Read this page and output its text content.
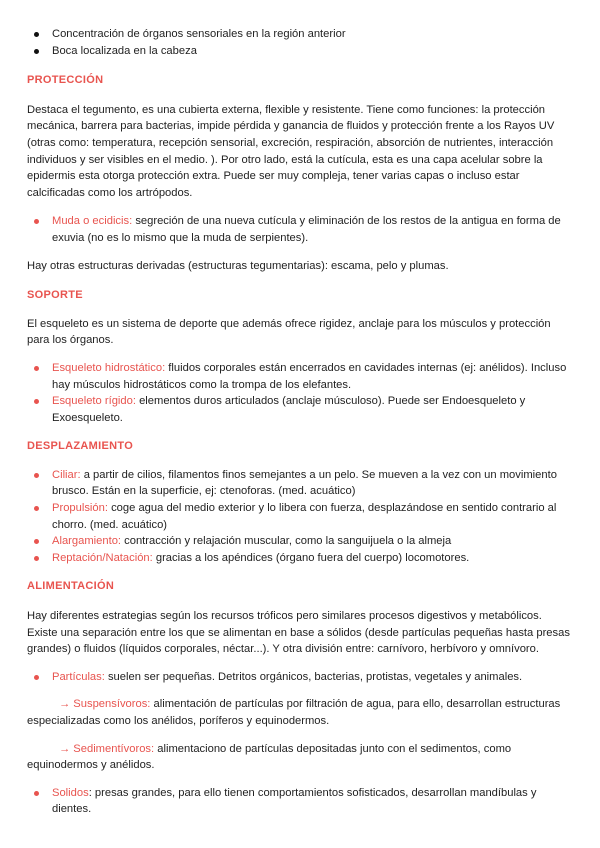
Concentración de órganos sensoriales en la región anterior
Boca localizada en la cabeza
PROTECCIÓN

Destaca el tegumento, es una cubierta externa, flexible y resistente. Tiene como funciones: la protección mecánica, barrera para bacterias, impide pérdida y ganancia de fluidos y protección frente a los Rayos UV (otras como: temperatura, recepción sensorial, excreción, respiración, absorción de nutrientes, interacción individuos y ser visibles en el medio. ). Por otro lado, está la cutícula, esta es una capa acelular sobre la epidermis esta otorga protección extra. Puede ser muy compleja, tener varias capas o incluso estar calcificadas como los artrópodos.

Muda o ecidicis: segreción de una nueva cutícula y eliminación de los restos de la antigua en forma de exuvia (no es lo mismo que la muda de serpientes).

Hay otras estructuras derivadas (estructuras tegumentarias): escama, pelo y plumas.

SOPORTE

El esqueleto es un sistema de deporte que además ofrece rigidez, anclaje para los músculos y protección para los órganos.

Esqueleto hidrostático: fluidos corporales están encerrados en cavidades internas (ej: anélidos). Incluso hay músculos hidrostáticos como la trompa de los elefantes.
Esqueleto rígido: elementos duros articulados (anclaje músculoso). Puede ser Endoesqueleto y Exoesqueleto.
DESPLAZAMIENTO
Ciliar: a partir de cilios, filamentos finos semejantes a un pelo. Se mueven a la vez con un movimiento brusco. Están en la superficie, ej: ctenoforas. (med. acuático)
Propulsión: coge agua del medio exterior y lo libera con fuerza, desplazándose en sentido contrario al chorro. (med. acuático)
Alargamiento: contracción y relajación muscular, como la sanguijuela o la almeja
Reptación/Natación: gracias a los apéndices (órgano fuera del cuerpo) locomotores.
ALIMENTACIÓN

Hay diferentes estrategias según los recursos tróficos pero similares procesos digestivos y metabólicos. Existe una separación entre los que se alimentan en base a sólidos (desde partículas pequeñas hasta presas grandes) o fluidos (líquidos corporales, néctar...). Y otra división entre: carnívoro, herbívoro y omnívoro.

Partículas: suelen ser pequeñas. Detritos orgánicos, bacterias, protistas, vegetales y animales.

→ Suspensívoros: alimentación de partículas por filtración de agua, para ello, desarrollan estructuras especializadas como los anélidos, poríferos y equinodermos.

→ Sedimentívoros: alimentaciono de partículas depositadas junto con el sedimentos, como equinodermos y anélidos.

Solidos: presas grandes, para ello tienen comportamientos sofisticados, desarrollan mandíbulas y dientes.
